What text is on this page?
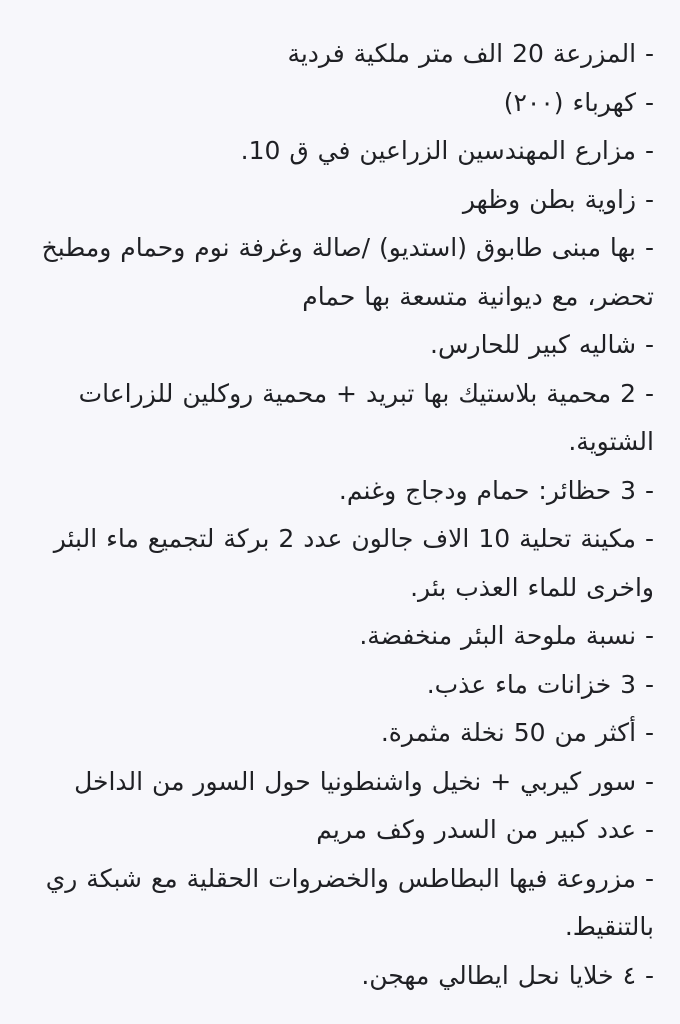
- المزرعة 20 الف متر ملكية فردية

- كهرباء (٢٠٠)

- مزارع المهندسين الزراعين في ق 10.

- زاوية بطن وظهر

- بها مبنى طابوق (استديو) /صالة وغرفة نوم وحمام ومطبخ تحضر، مع ديوانية متسعة بها حمام

- شاليه كبير للحارس.

- 2 محمية بلاستيك بها تبريد + محمية روكلين للزراعات الشتوية.

- 3 حظائر: حمام ودجاج وغنم.

- مكينة تحلية 10 الاف جالون عدد 2 بركة لتجميع ماء البئر واخرى للماء العذب بئر.

- نسبة ملوحة البئر منخفضة.

- 3 خزانات ماء عذب.

- أكثر من 50 نخلة مثمرة.

- سور كيربي + نخيل واشنطونيا حول السور من الداخل

- عدد كبير من السدر وكف مريم

- مزروعة فيها البطاطس والخضروات الحقلية مع شبكة ري بالتنقيط.

- ٤ خلايا نحل ايطالي مهجن.
